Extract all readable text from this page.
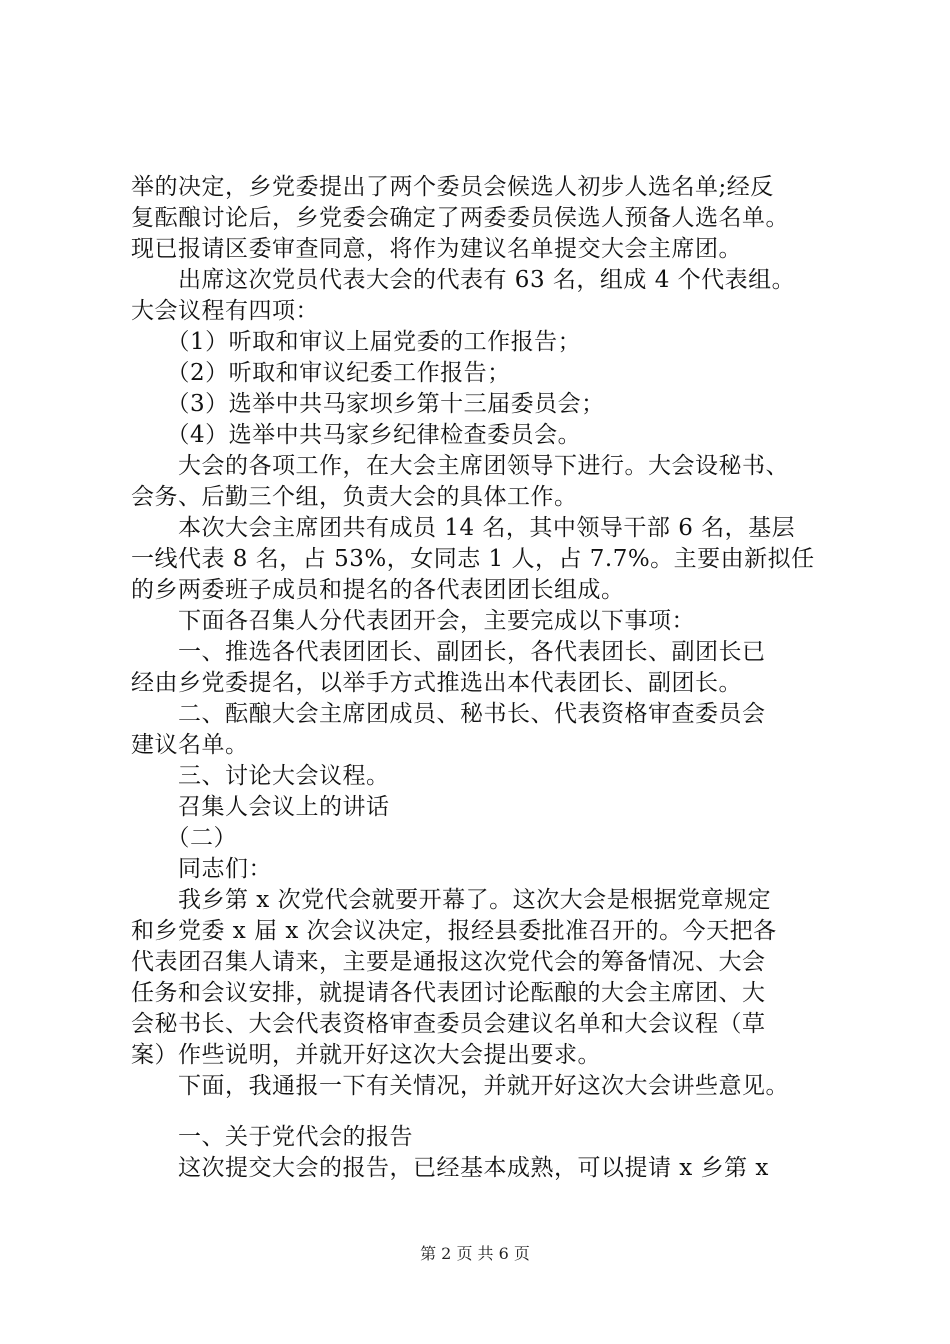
举的决定，乡党委提出了两个委员会候选人初步人选名单;经反
复酝酿讨论后，乡党委会确定了两委委员侯选人预备人选名单。
现已报请区委审查同意，将作为建议名单提交大会主席团。
　　出席这次党员代表大会的代表有 63 名，组成 4 个代表组。
大会议程有四项：
　　（1）听取和审议上届党委的工作报告；
　　（2）听取和审议纪委工作报告；
　　（3）选举中共马家坝乡第十三届委员会；
　　（4）选举中共马家乡纪律检查委员会。
　　大会的各项工作，在大会主席团领导下进行。大会设秘书、
会务、后勤三个组，负责大会的具体工作。
　　本次大会主席团共有成员 14 名，其中领导干部 6 名，基层
一线代表 8 名，占 53%，女同志 1 人，占 7.7%。主要由新拟任
的乡两委班子成员和提名的各代表团团长组成。
　　下面各召集人分代表团开会，主要完成以下事项：
　　一、推选各代表团团长、副团长，各代表团长、副团长已
经由乡党委提名，以举手方式推选出本代表团长、副团长。
　　二、酝酿大会主席团成员、秘书长、代表资格审查委员会
建议名单。
　　三、讨论大会议程。
　　召集人会议上的讲话
　　（二）
　　同志们：
　　我乡第 x 次党代会就要开幕了。这次大会是根据党章规定
和乡党委 x 届 x 次会议决定，报经县委批准召开的。今天把各
代表团召集人请来，主要是通报这次党代会的筹备情况、大会
任务和会议安排，就提请各代表团讨论酝酿的大会主席团、大
会秘书长、大会代表资格审查委员会建议名单和大会议程（草
案）作些说明，并就开好这次大会提出要求。
　　下面，我通报一下有关情况，并就开好这次大会讲些意见。
　　一、关于党代会的报告
　　这次提交大会的报告，已经基本成熟，可以提请 x 乡第 x
第 2 页 共 6 页
